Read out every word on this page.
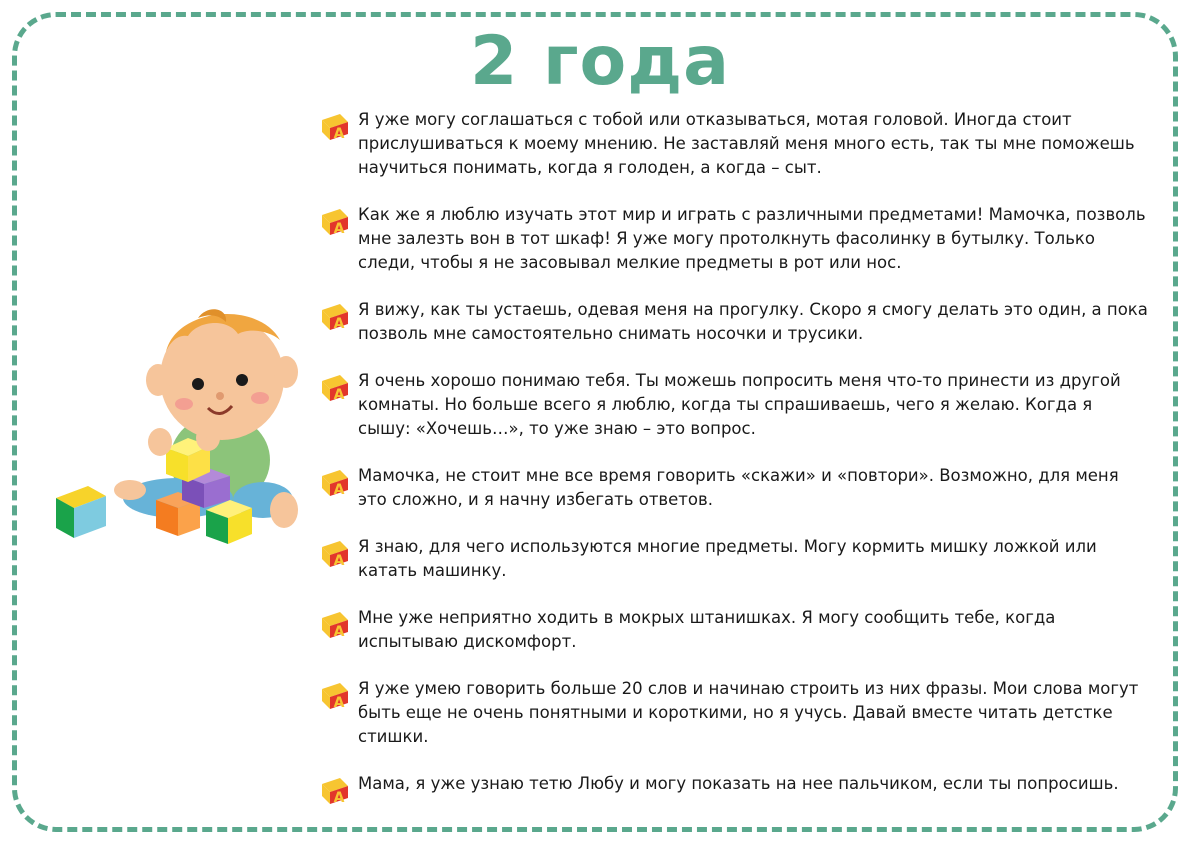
2 года
А
Я уже могу соглашаться с тобой или отказываться, мотая головой. Иногда стоит прислушиваться к моему мнению. Не заставляй меня много есть, так ты мне поможешь научиться понимать, когда я голоден, а когда – сыт.
А
Как же я люблю изучать этот мир и играть с различными предметами! Мамочка, позволь мне залезть вон в тот шкаф! Я уже могу протолкнуть фасолинку в бутылку. Только следи, чтобы я не засовывал мелкие предметы в рот или нос.
А
Я вижу, как ты устаешь, одевая меня на прогулку. Скоро я смогу делать это один, а пока позволь мне самостоятельно снимать носочки и трусики.
А
Я очень хорошо понимаю тебя. Ты можешь попросить меня что-то принести из другой комнаты. Но больше всего я люблю, когда ты спрашиваешь, чего я желаю. Когда я сышу: «Хочешь…», то уже знаю – это вопрос.
А
Мамочка, не стоит мне все время говорить «скажи» и «повтори». Возможно, для меня это сложно, и я начну избегать ответов.
А
Я знаю, для чего используются многие предметы. Могу кормить мишку ложкой или катать машинку.
А
Мне уже неприятно ходить в мокрых штанишках. Я могу сообщить тебе, когда испытываю дискомфорт.
А
Я уже умею говорить больше 20 слов и начинаю строить из них фразы. Мои слова могут быть еще не очень понятными и короткими, но я учусь. Давай вместе читать детстке стишки.
А
Мама, я уже узнаю тетю Любу и могу показать на нее пальчиком, если ты попросишь.
